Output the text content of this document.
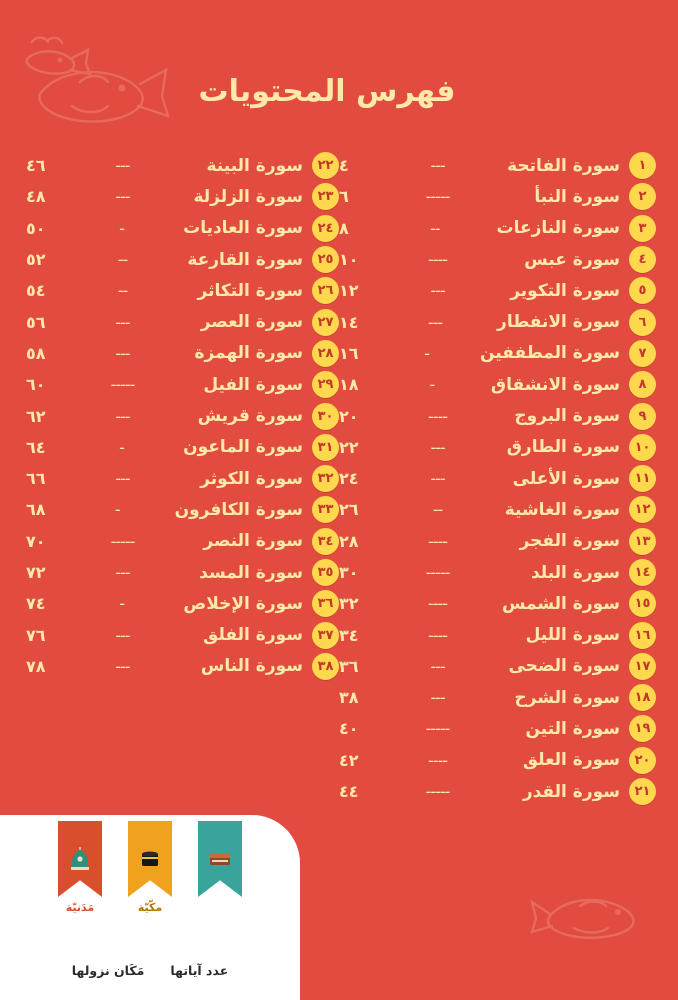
فهرس المحتويات
١
سورة الفاتحة
---
٤
٢
سورة النبأ
-----
٦
٣
سورة النازعات
--
٨
٤
سورة عبس
----
١٠
٥
سورة التكوير
---
١٢
٦
سورة الانفطار
---
١٤
٧
سورة المطففين
-
١٦
٨
سورة الانشقاق
-
١٨
٩
سورة البروج
----
٢٠
١٠
سورة الطارق
---
٢٢
١١
سورة الأعلى
---
٢٤
١٢
سورة الغاشية
--
٢٦
١٣
سورة الفجر
----
٢٨
١٤
سورة البلد
-----
٣٠
١٥
سورة الشمس
----
٣٢
١٦
سورة الليل
----
٣٤
١٧
سورة الضحى
---
٣٦
١٨
سورة الشرح
---
٣٨
١٩
سورة التين
-----
٤٠
٢٠
سورة العلق
----
٤٢
٢١
سورة القدر
-----
٤٤
٢٢
سورة البينة
---
٤٦
٢٣
سورة الزلزلة
---
٤٨
٢٤
سورة العاديات
-
٥٠
٢٥
سورة القارعة
--
٥٢
٢٦
سورة التكاثر
--
٥٤
٢٧
سورة العصر
---
٥٦
٢٨
سورة الهمزة
---
٥٨
٢٩
سورة الفيل
-----
٦٠
٣٠
سورة قريش
---
٦٢
٣١
سورة الماعون
-
٦٤
٣٢
سورة الكوثر
---
٦٦
٣٣
سورة الكافرون
-
٦٨
٣٤
سورة النصر
-----
٧٠
٣٥
سورة المسد
---
٧٢
٣٦
سورة الإخلاص
-
٧٤
٣٧
سورة الفلق
---
٧٦
٣٨
سورة الناس
---
٧٨
مَدَنيّة	مكّيّة
مَكَان نزولها عدد آياتها
